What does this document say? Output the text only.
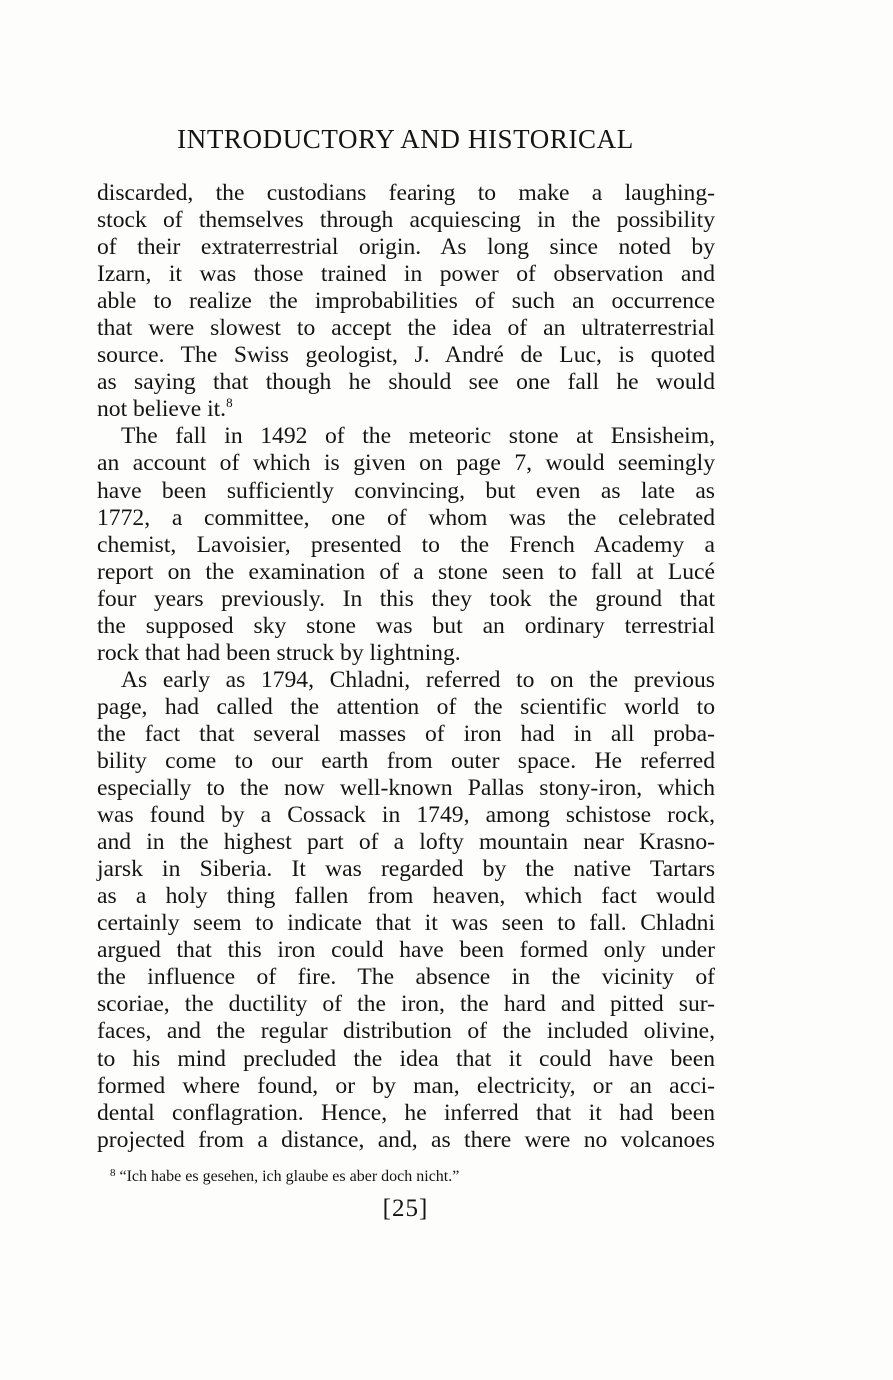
INTRODUCTORY AND HISTORICAL
discarded, the custodians fearing to make a laughing-
stock of themselves through acquiescing in the possibility
of their extraterrestrial origin. As long since noted by
Izarn, it was those trained in power of observation and
able to realize the improbabilities of such an occurrence
that were slowest to accept the idea of an ultraterrestrial
source. The Swiss geologist, J. André de Luc, is quoted
as saying that though he should see one fall he would
not believe it.$^8$
The fall in 1492 of the meteoric stone at Ensisheim,
an account of which is given on page 7, would seemingly
have been sufficiently convincing, but even as late as
1772, a committee, one of whom was the celebrated
chemist, Lavoisier, presented to the French Academy a
report on the examination of a stone seen to fall at Lucé
four years previously. In this they took the ground that
the supposed sky stone was but an ordinary terrestrial
rock that had been struck by lightning.
As early as 1794, Chladni, referred to on the previous
page, had called the attention of the scientific world to
the fact that several masses of iron had in all proba-
bility come to our earth from outer space. He referred
especially to the now well-known Pallas stony-iron, which
was found by a Cossack in 1749, among schistose rock,
and in the highest part of a lofty mountain near Krasno-
jarsk in Siberia. It was regarded by the native Tartars
as a holy thing fallen from heaven, which fact would
certainly seem to indicate that it was seen to fall. Chladni
argued that this iron could have been formed only under
the influence of fire. The absence in the vicinity of
scoriae, the ductility of the iron, the hard and pitted sur-
faces, and the regular distribution of the included olivine,
to his mind precluded the idea that it could have been
formed where found, or by man, electricity, or an acci-
dental conflagration. Hence, he inferred that it had been
projected from a distance, and, as there were no volcanoes
$^8$ “Ich habe es gesehen, ich glaube es aber doch nicht.”
[25]
